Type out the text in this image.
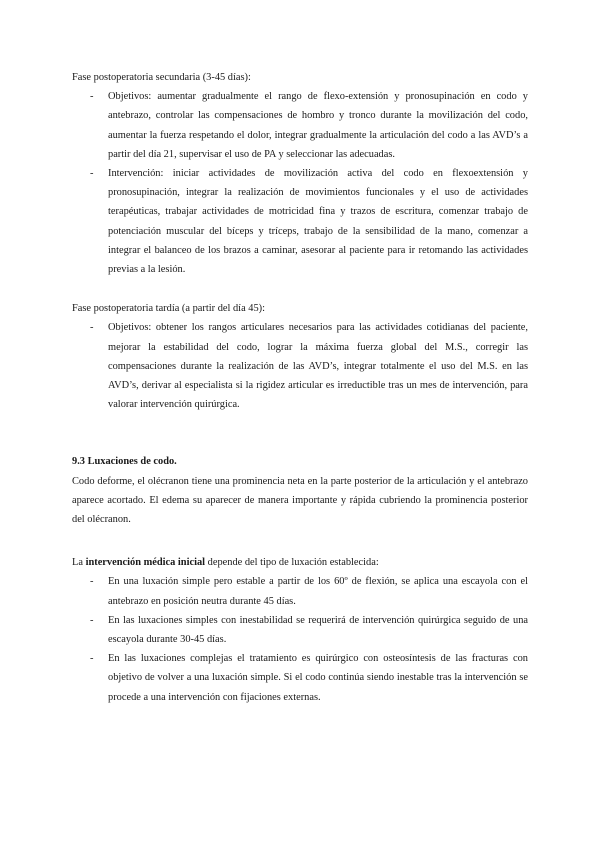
Fase postoperatoria secundaria (3-45 días):

- Objetivos: aumentar gradualmente el rango de flexo-extensión y pronosupinación en codo y antebrazo, controlar las compensaciones de hombro y tronco durante la movilización del codo, aumentar la fuerza respetando el dolor, integrar gradualmente la articulación del codo a las AVD’s a partir del día 21, supervisar el uso de PA y seleccionar las adecuadas.
- Intervención: iniciar actividades de movilización activa del codo en flexoextensión y pronosupinación, integrar la realización de movimientos funcionales y el uso de actividades terapéuticas, trabajar actividades de motricidad fina y trazos de escritura, comenzar trabajo de potenciación muscular del bíceps y tríceps, trabajo de la sensibilidad de la mano, comenzar a integrar el balanceo de los brazos a caminar, asesorar al paciente para ir retomando las actividades previas a la lesión.

Fase postoperatoria tardía (a partir del día 45):

- Objetivos: obtener los rangos articulares necesarios para las actividades cotidianas del paciente, mejorar la estabilidad del codo, lograr la máxima fuerza global del M.S., corregir las compensaciones durante la realización de las AVD’s, integrar totalmente el uso del M.S. en las AVD’s, derivar al especialista si la rigidez articular es irreductible tras un mes de intervención, para valorar intervención quirúrgica.

9.3 Luxaciones de codo.

Codo deforme, el olécranon tiene una prominencia neta en la parte posterior de la articulación y el antebrazo aparece acortado. El edema su aparecer de manera importante y rápida cubriendo la prominencia posterior del olécranon.

La intervención médica inicial depende del tipo de luxación establecida:

- En una luxación simple pero estable a partir de los 60º de flexión, se aplica una escayola con el antebrazo en posición neutra durante 45 días.
- En las luxaciones simples con inestabilidad se requerirá de intervención quirúrgica seguido de una escayola durante 30-45 días.
- En las luxaciones complejas el tratamiento es quirúrgico con osteosíntesis de las fracturas con objetivo de volver a una luxación simple. Si el codo continúa siendo inestable tras la intervención se procede a una intervención con fijaciones externas.
